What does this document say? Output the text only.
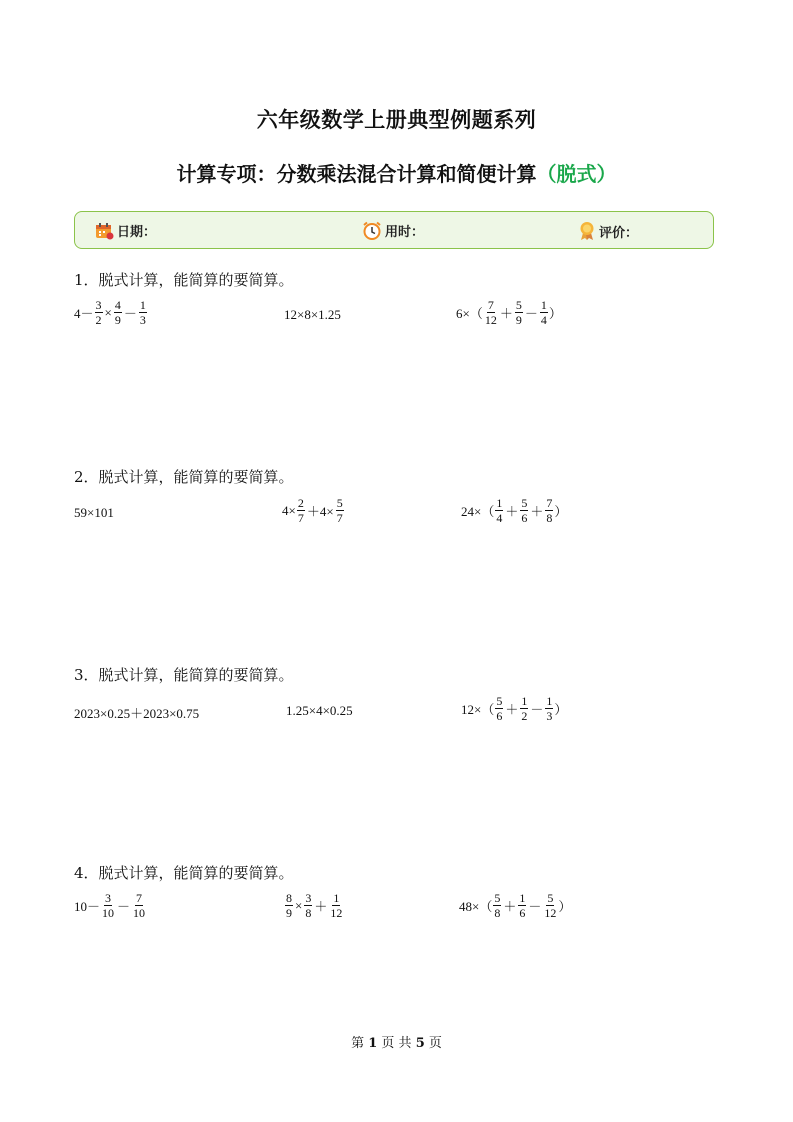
六年级数学上册典型例题系列
计算专项：分数乘法混合计算和简便计算（脱式）
日期：	用时：	评价：
1．脱式计算，能简算的要简算。
$4- \frac{3}{2} \times \frac{4}{9} - \frac{1}{3}$	12×8×1.25	$6\times( \frac{7}{12} + \frac{5}{9} - \frac{1}{4}$ ）
2．脱式计算，能简算的要简算。
59×101	$4\times \frac{2}{7} +4\times \frac{5}{7}$	$24\times( \frac{1}{4} + \frac{5}{6} + \frac{7}{8}$ ）
3．脱式计算，能简算的要简算。
2023×0.25＋2023×0.75	1.25×4×0.25	$12\times( \frac{5}{6} + \frac{1}{2} - \frac{1}{3}$ ）
4．脱式计算，能简算的要简算。
$10- \frac{3}{10} - \frac{7}{10}$	$\frac{8}{9} \times \frac{3}{8} + \frac{1}{12}$	$48\times( \frac{5}{8} + \frac{1}{6} - \frac{5}{12}$ ）
第 1 页 共 5 页
